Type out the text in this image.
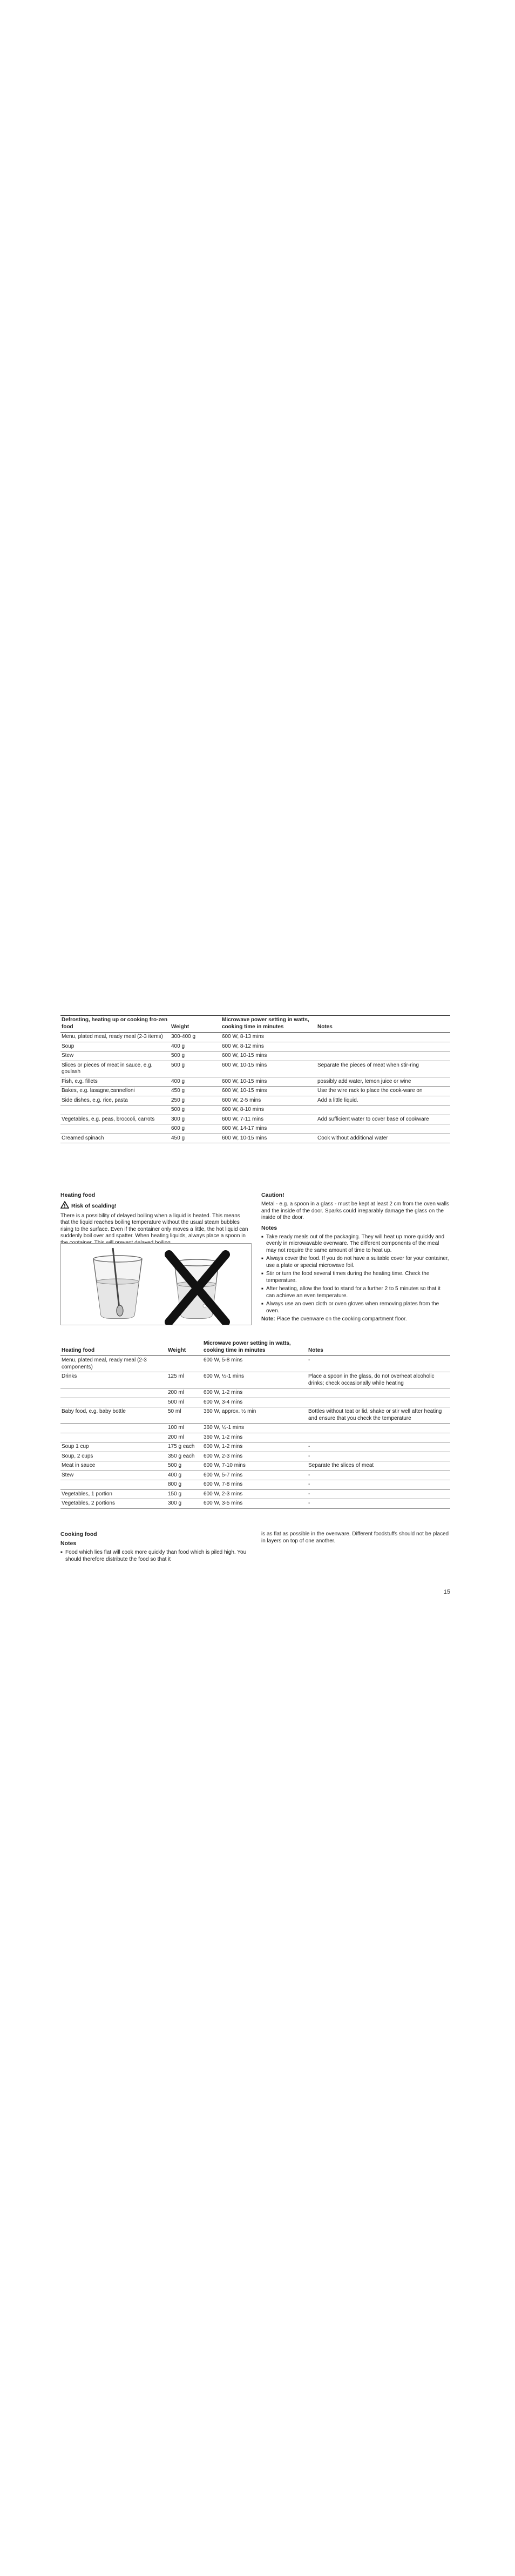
Defrosting, heating up or cooking fro-zen food	Weight	Microwave power setting in watts, cooking time in minutes	Notes
Menu, plated meal, ready meal (2-3 items)	300-400 g	600 W, 8-13 mins	
Soup	400 g	600 W, 8-12 mins	
Stew	500 g	600 W, 10-15 mins	
Slices or pieces of meat in sauce, e.g. goulash	500 g	600 W, 10-15 mins	Separate the pieces of meat when stir-ring
Fish, e.g. fillets	400 g	600 W, 10-15 mins	possibly add water, lemon juice or wine
Bakes, e.g. lasagne,cannelloni	450 g	600 W, 10-15 mins	Use the wire rack to place the cook-ware on
Side dishes, e.g. rice, pasta	250 g	600 W, 2-5 mins	Add a little liquid.
	500 g	600 W, 8-10 mins	
Vegetables, e.g. peas, broccoli, carrots	300 g	600 W, 7-11 mins	Add sufficient water to cover base of cookware
	600 g	600 W, 14-17 mins	
Creamed spinach	450 g	600 W, 10-15 mins	Cook without additional water
Heating food
Risk of scalding!

There is a possibility of delayed boiling when a liquid is heated. This means that the liquid reaches boiling temperature without the usual steam bubbles rising to the surface. Even if the container only moves a little, the hot liquid can suddenly boil over and spatter. When heating liquids, always place a spoon in

Caution!

Metal - e.g. a spoon in a glass - must be kept at least 2 cm from the oven walls and the inside of the door. Sparks could irreparably damage the glass on the inside of the door.

Notes
■ Take ready meals out of the packaging. They will heat up more quickly and evenly in microwavable ovenware. The different components of the meal may not require the same amount of time to heat up.
■ Always cover the food. If you do not have a suitable cover for your container, use a plate or special microwave foil.
■ Stir or turn the food several times during the heating time. Check the temperature.
■ After heating, allow the food to stand for a further 2 to 5 minutes so that it can achieve an even temperature.
■ Always use an oven cloth or oven gloves when removing plates from the oven.

Note: Place the ovenware on the cooking compartment floor.

Heating food	Weight	Microwave power setting in watts, cooking time in minutes	Notes
Menu, plated meal, ready meal (2-3 components)		600 W, 5-8 mins	-
Drinks	125 ml	600 W, ½-1 mins	Place a spoon in the glass, do not overheat alcoholic drinks; check occasionally while heating
	200 ml	600 W, 1-2 mins	
	500 ml	600 W, 3-4 mins	
Baby food, e.g. baby bottle	50 ml	360 W, approx. ½ min	Bottles without teat or lid, shake or stir well after heating and ensure that you check the temperature
	100 ml	360 W, ½-1 mins	
	200 ml	360 W, 1-2 mins	
Soup 1 cup	175 g each	600 W, 1-2 mins	-
Soup, 2 cups	350 g each	600 W, 2-3 mins	-
Meat in sauce	500 g	600 W, 7-10 mins	Separate the slices of meat
Stew	400 g	600 W, 5-7 mins	-
	800 g	600 W, 7-8 mins	-
Vegetables, 1 portion	150 g	600 W, 2-3 mins	-
Vegetables, 2 portions	300 g	600 W, 3-5 mins	-
Cooking food
Notes
■ Food which lies flat will cook more quickly than food which is piled high. You should therefore distribute the food so that it

is as flat as possible in the ovenware. Different foodstuffs should not be placed in layers on top of one another.

15
